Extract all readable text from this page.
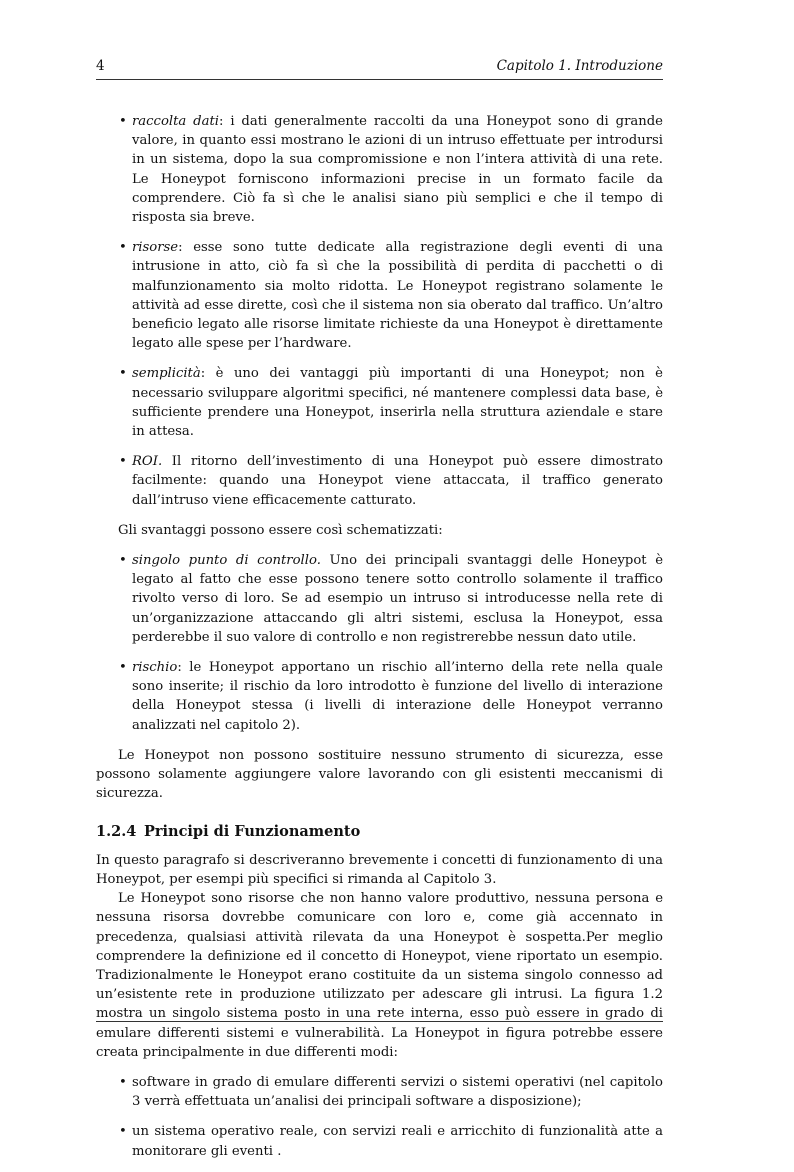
4	Capitolo 1. Introduzione
• raccolta dati: i dati generalmente raccolti da una Honeypot sono di grande valore, in quanto essi mostrano le azioni di un intruso effettuate per introdursi in un sistema, dopo la sua compromissione e non l’intera attività di una rete. Le Honeypot forniscono informazioni precise in un formato facile da comprendere. Ciò fa sì che le analisi siano più semplici e che il tempo di risposta sia breve.
• risorse: esse sono tutte dedicate alla registrazione degli eventi di una intrusione in atto, ciò fa sì che la possibilità di perdita di pacchetti o di malfunzionamento sia molto ridotta. Le Honeypot registrano solamente le attività ad esse dirette, così che il sistema non sia oberato dal traffico. Un’altro beneficio legato alle risorse limitate richieste da una Honeypot è direttamente legato alle spese per l’hardware.
• semplicità: è uno dei vantaggi più importanti di una Honeypot; non è necessario sviluppare algoritmi specifici, né mantenere complessi data base, è sufficiente prendere una Honeypot, inserirla nella struttura aziendale e stare in attesa.
• ROI. Il ritorno dell’investimento di una Honeypot può essere dimostrato facilmente: quando una Honeypot viene attaccata, il traffico generato dall’intruso viene efficacemente catturato.

Gli svantaggi possono essere così schematizzati:

• singolo punto di controllo. Uno dei principali svantaggi delle Honeypot è legato al fatto che esse possono tenere sotto controllo solamente il traffico rivolto verso di loro. Se ad esempio un intruso si introducesse nella rete di un’organizzazione attaccando gli altri sistemi, esclusa la Honeypot, essa perderebbe il suo valore di controllo e non registrerebbe nessun dato utile.
• rischio: le Honeypot apportano un rischio all’interno della rete nella quale sono inserite; il rischio da loro introdotto è funzione del livello di interazione della Honeypot stessa (i livelli di interazione delle Honeypot verranno analizzati nel capitolo 2).

Le Honeypot non possono sostituire nessuno strumento di sicurezza, esse possono solamente aggiungere valore lavorando con gli esistenti meccanismi di sicurezza.

1.2.4 Principi di Funzionamento

In questo paragrafo si descriveranno brevemente i concetti di funzionamento di una Honeypot, per esempi più specifici si rimanda al Capitolo 3.

Le Honeypot sono risorse che non hanno valore produttivo, nessuna persona e nessuna risorsa dovrebbe comunicare con loro e, come già accennato in precedenza, qualsiasi attività rilevata da una Honeypot è sospetta.Per meglio comprendere la definizione ed il concetto di Honeypot, viene riportato un esempio. Tradizionalmente le Honeypot erano costituite da un sistema singolo connesso ad un’esistente rete in produzione utilizzato per adescare gli intrusi. La figura 1.2 mostra un singolo sistema posto in una rete interna, esso può essere in grado di emulare differenti sistemi e vulnerabilità. La Honeypot in figura potrebbe essere creata principalmente in due differenti modi:

• software in grado di emulare differenti servizi o sistemi operativi (nel capitolo 3 verrà effettuata un’analisi dei principali software a disposizione);
• un sistema operativo reale, con servizi reali e arricchito di funzionalità atte a monitorare gli eventi .
